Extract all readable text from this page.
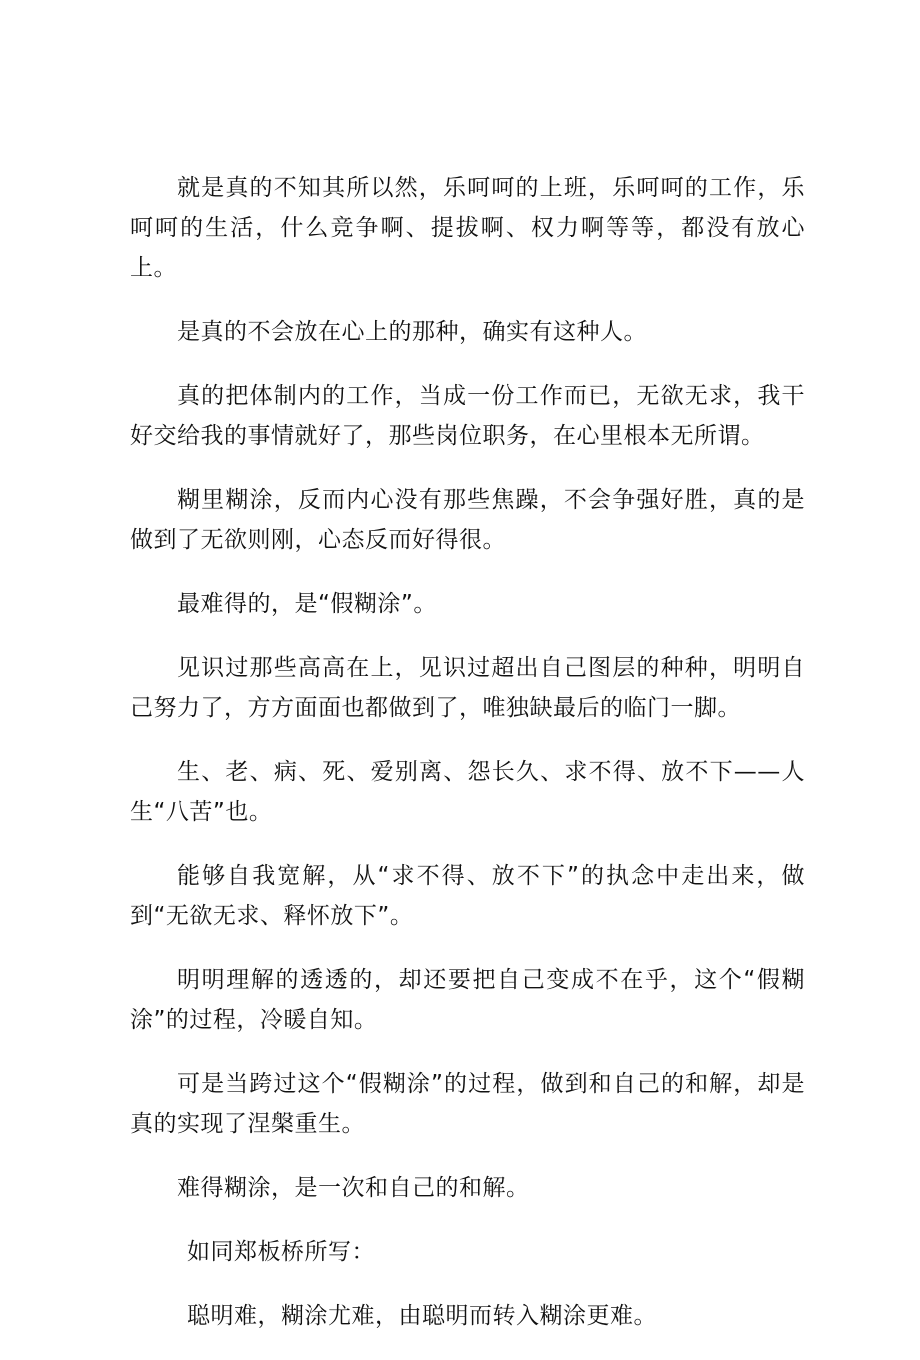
就是真的不知其所以然，乐呵呵的上班，乐呵呵的工作，乐呵呵的生活，什么竞争啊、提拔啊、权力啊等等，都没有放心上。

是真的不会放在心上的那种，确实有这种人。

真的把体制内的工作，当成一份工作而已，无欲无求，我干好交给我的事情就好了，那些岗位职务，在心里根本无所谓。

糊里糊涂，反而内心没有那些焦躁，不会争强好胜，真的是做到了无欲则刚，心态反而好得很。

最难得的，是“假糊涂”。

见识过那些高高在上，见识过超出自己图层的种种，明明自己努力了，方方面面也都做到了，唯独缺最后的临门一脚。

生、老、病、死、爱别离、怨长久、求不得、放不下——人生“八苦”也。

能够自我宽解，从“求不得、放不下”的执念中走出来，做到“无欲无求、释怀放下”。

明明理解的透透的，却还要把自己变成不在乎，这个“假糊涂”的过程，冷暖自知。

可是当跨过这个“假糊涂”的过程，做到和自己的和解，却是真的实现了涅槃重生。

难得糊涂，是一次和自己的和解。

如同郑板桥所写：

聪明难，糊涂尤难，由聪明而转入糊涂更难。
